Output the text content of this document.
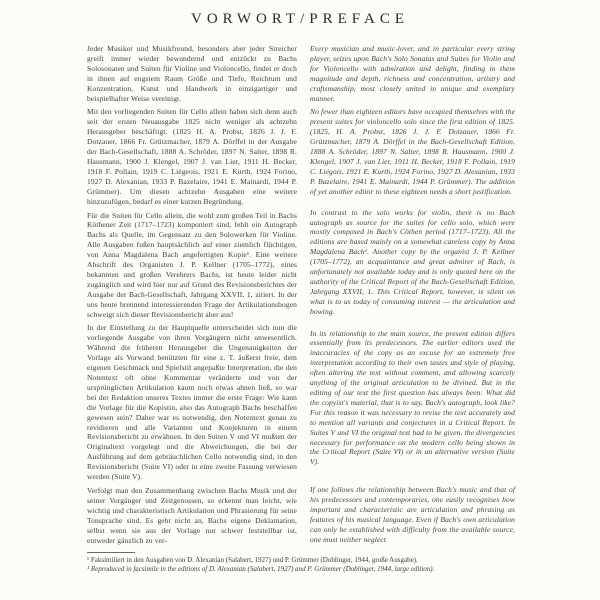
VORWORT/PREFACE

Jeder Musiker und Musikfreund, besonders aber jeder Streicher greift immer wieder bewundernd und entzückt zu Bachs Solosonaten und Suiten für Violine und Violoncello, findet er doch in ihnen auf engstem Raum Größe und Tiefe, Reichtum und Konzentration, Kunst und Handwerk in einzigartiger und beispielhafter Weise vereinigt.

Mit den vorliegenden Suiten für Cello allein haben sich denn auch seit der ersten Neuausgabe 1825 nicht weniger als achtzehn Herausgeber beschäftigt. (1825 H. A. Probst, 1826 J. J. F. Dotzauer, 1866 Fr. Grützmacher, 1879 A. Dörffel in der Ausgabe der Bach-Gesellschaft, 1888 A. Schröder, 1897 N. Salter, 1898 R. Hausmann, 1900 J. Klengel, 1907 J. van Lier, 1911 H. Becker, 1918 F. Pollain, 1919 C. Liégeois, 1921 E. Kurth, 1924 Forino, 1927 D. Alexanian, 1933 P. Bazelaire, 1941 E. Mainardi, 1944 P. Grümmer). Um diesen achtzehn Ausgaben eine weitere hinzuzufügen, bedarf es einer kurzen Begründung.

Für die Suiten für Cello allein, die wohl zum großen Teil in Bachs Köthener Zeit (1717–1723) komponiert sind, fehlt ein Autograph Bachs als Quelle, im Gegensatz zu den Solowerken für Violine. Alle Ausgaben fußen hauptsächlich auf einer ziemlich flüchtigen, von Anna Magdalena Bach angefertigten Kopie¹. Eine weitere Abschrift des Organisten J. P. Kellner (1705–1772), eines bekannten und großen Verehrers Bachs, ist heute leider nicht zugänglich und wird hier nur auf Grund des Revisionsberichtes der Ausgabe der Bach-Gesellschaft, Jahrgang XXVII, 1, zitiert. In der uns heute brennend interessierenden Frage der Artikulationsbogen schweigt sich dieser Revisionsbericht aber aus!

In der Einstellung zu der Hauptquelle unterscheidet sich nun die vorliegende Ausgabe von ihren Vorgängern nicht unwesentlich. Während die früheren Herausgeber die Ungenauigkeiten der Vorlage als Vorwand benützten für eine z. T. äußerst freie, dem eigenen Geschmack und Spielstil angepaßte Interpretation, die den Notentext oft ohne Kommentar veränderte und von der ursprünglichen Artikulation kaum noch etwas ahnen ließ, so war bei der Redaktion unseres Textes immer die erste Frage: Wie kann die Vorlage für die Kopistin, also das Autograph Bachs beschaffen gewesen sein? Daher war es notwendig, den Notentext genau zu revidieren und alle Varianten und Konjekturen in einem Revisionsbericht zu erwähnen. In den Suiten V und VI mußten der Originaltext vorgelegt und die Abweichungen, die bei der Ausführung auf dem gebräuchlichen Cello notwendig sind, in den Revisionsbericht (Suite VI) oder in eine zweite Fassung verwiesen werden (Suite V).

Verfolgt man den Zusammenhang zwischen Bachs Musik und der seiner Vorgänger und Zeitgenossen, so erkennt man leicht, wie wichtig und charakteristisch Artikulation und Phrasierung für seine Tonsprache sind. Es geht nicht an, Bachs eigene Deklamation, selbst wenn sie aus der Vorlage nur schwer feststellbar ist, entweder gänzlich zu ver-

Every musician and music-lover, and in particular every string player, seizes upon Bach's Solo Sonatas and Suites for Violin and for Violoncello with admiration and delight, finding in them magnitude and depth, richness and concentration, artistry and craftsmanship, most closely united in unique and exemplary manner.

No fewer than eighteen editors have occupied themselves with the present suites for violoncello solo since the first edition of 1825. (1825, H. A. Probst, 1826 J. J. F. Dotzauer, 1866 Fr. Grützmacher, 1879 A. Dörffel in the Bach-Gesellschaft Edition, 1888 A. Schröder, 1897 N. Salter, 1898 R. Hausmann, 1900 J. Klengel, 1907 J. van Lier, 1911 H. Becker, 1918 F. Pollain, 1919 C. Liégois, 1921 E. Kurth, 1924 Forino, 1927 D. Alexanian, 1933 P. Bazelaire, 1941 E. Mainardi, 1944 P. Grümmer). The addition of yet another editor to these eighteen needs a short justification.

In contrast to the solo works for violin, there is no Bach autograph as source for the suites for cello solo, which were mostly composed in Bach's Cöthen period (1717–1723). All the editions are based mainly on a somewhat careless copy by Anna Magdalena Bach¹. Another copy by the organist J. P. Kellner (1705–1772), an acquaintance and great admirer of Bach, is unfortunately not available today and is only quoted here on the authority of the Critical Report of the Bach-Gesellschaft Edition, Jahrgang XXVII, 1. This Critical Report, however, is silent on what is to us today of consuming interest — the articulation and bowing.

In its relationship to the main source, the present edition differs essentially from its predecessors. The earlier editors used the inaccuracies of the copy as an excuse for an extremely free interpretation according to their own tastes and style of playing, often altering the text without comment, and allowing scarcely anything of the original articulation to be divined. But in the editing of our text the first question has always been: What did the copyist's material, that is to say, Bach's autograph, look like? For this reason it was necessary to revise the text accurately and to mention all variants and conjectures in a Critical Report. In Suites V and VI the original text had to be given, the divergencies necessary for performance on the modern cello being shown in the Critical Report (Suite VI) or in an alternative version (Suite V).

If one follows the relationship between Bach's music and that of his predecessors and contemporaries, one easily recognises how important and characteristic are articulation and phrasing as features of his musical language. Even if Bach's own articulation can only be established with difficulty from the available source, one must neither neglect

¹ Faksimiliert in den Ausgaben von D. Alexanian (Salabert, 1927) und P. Grümmer (Doblinger, 1944, große Ausgabe).

¹ Reproduced in facsimile in the editions of D. Alexanian (Salabert, 1927) and P. Grümmer (Doblinger, 1944, large edition).
